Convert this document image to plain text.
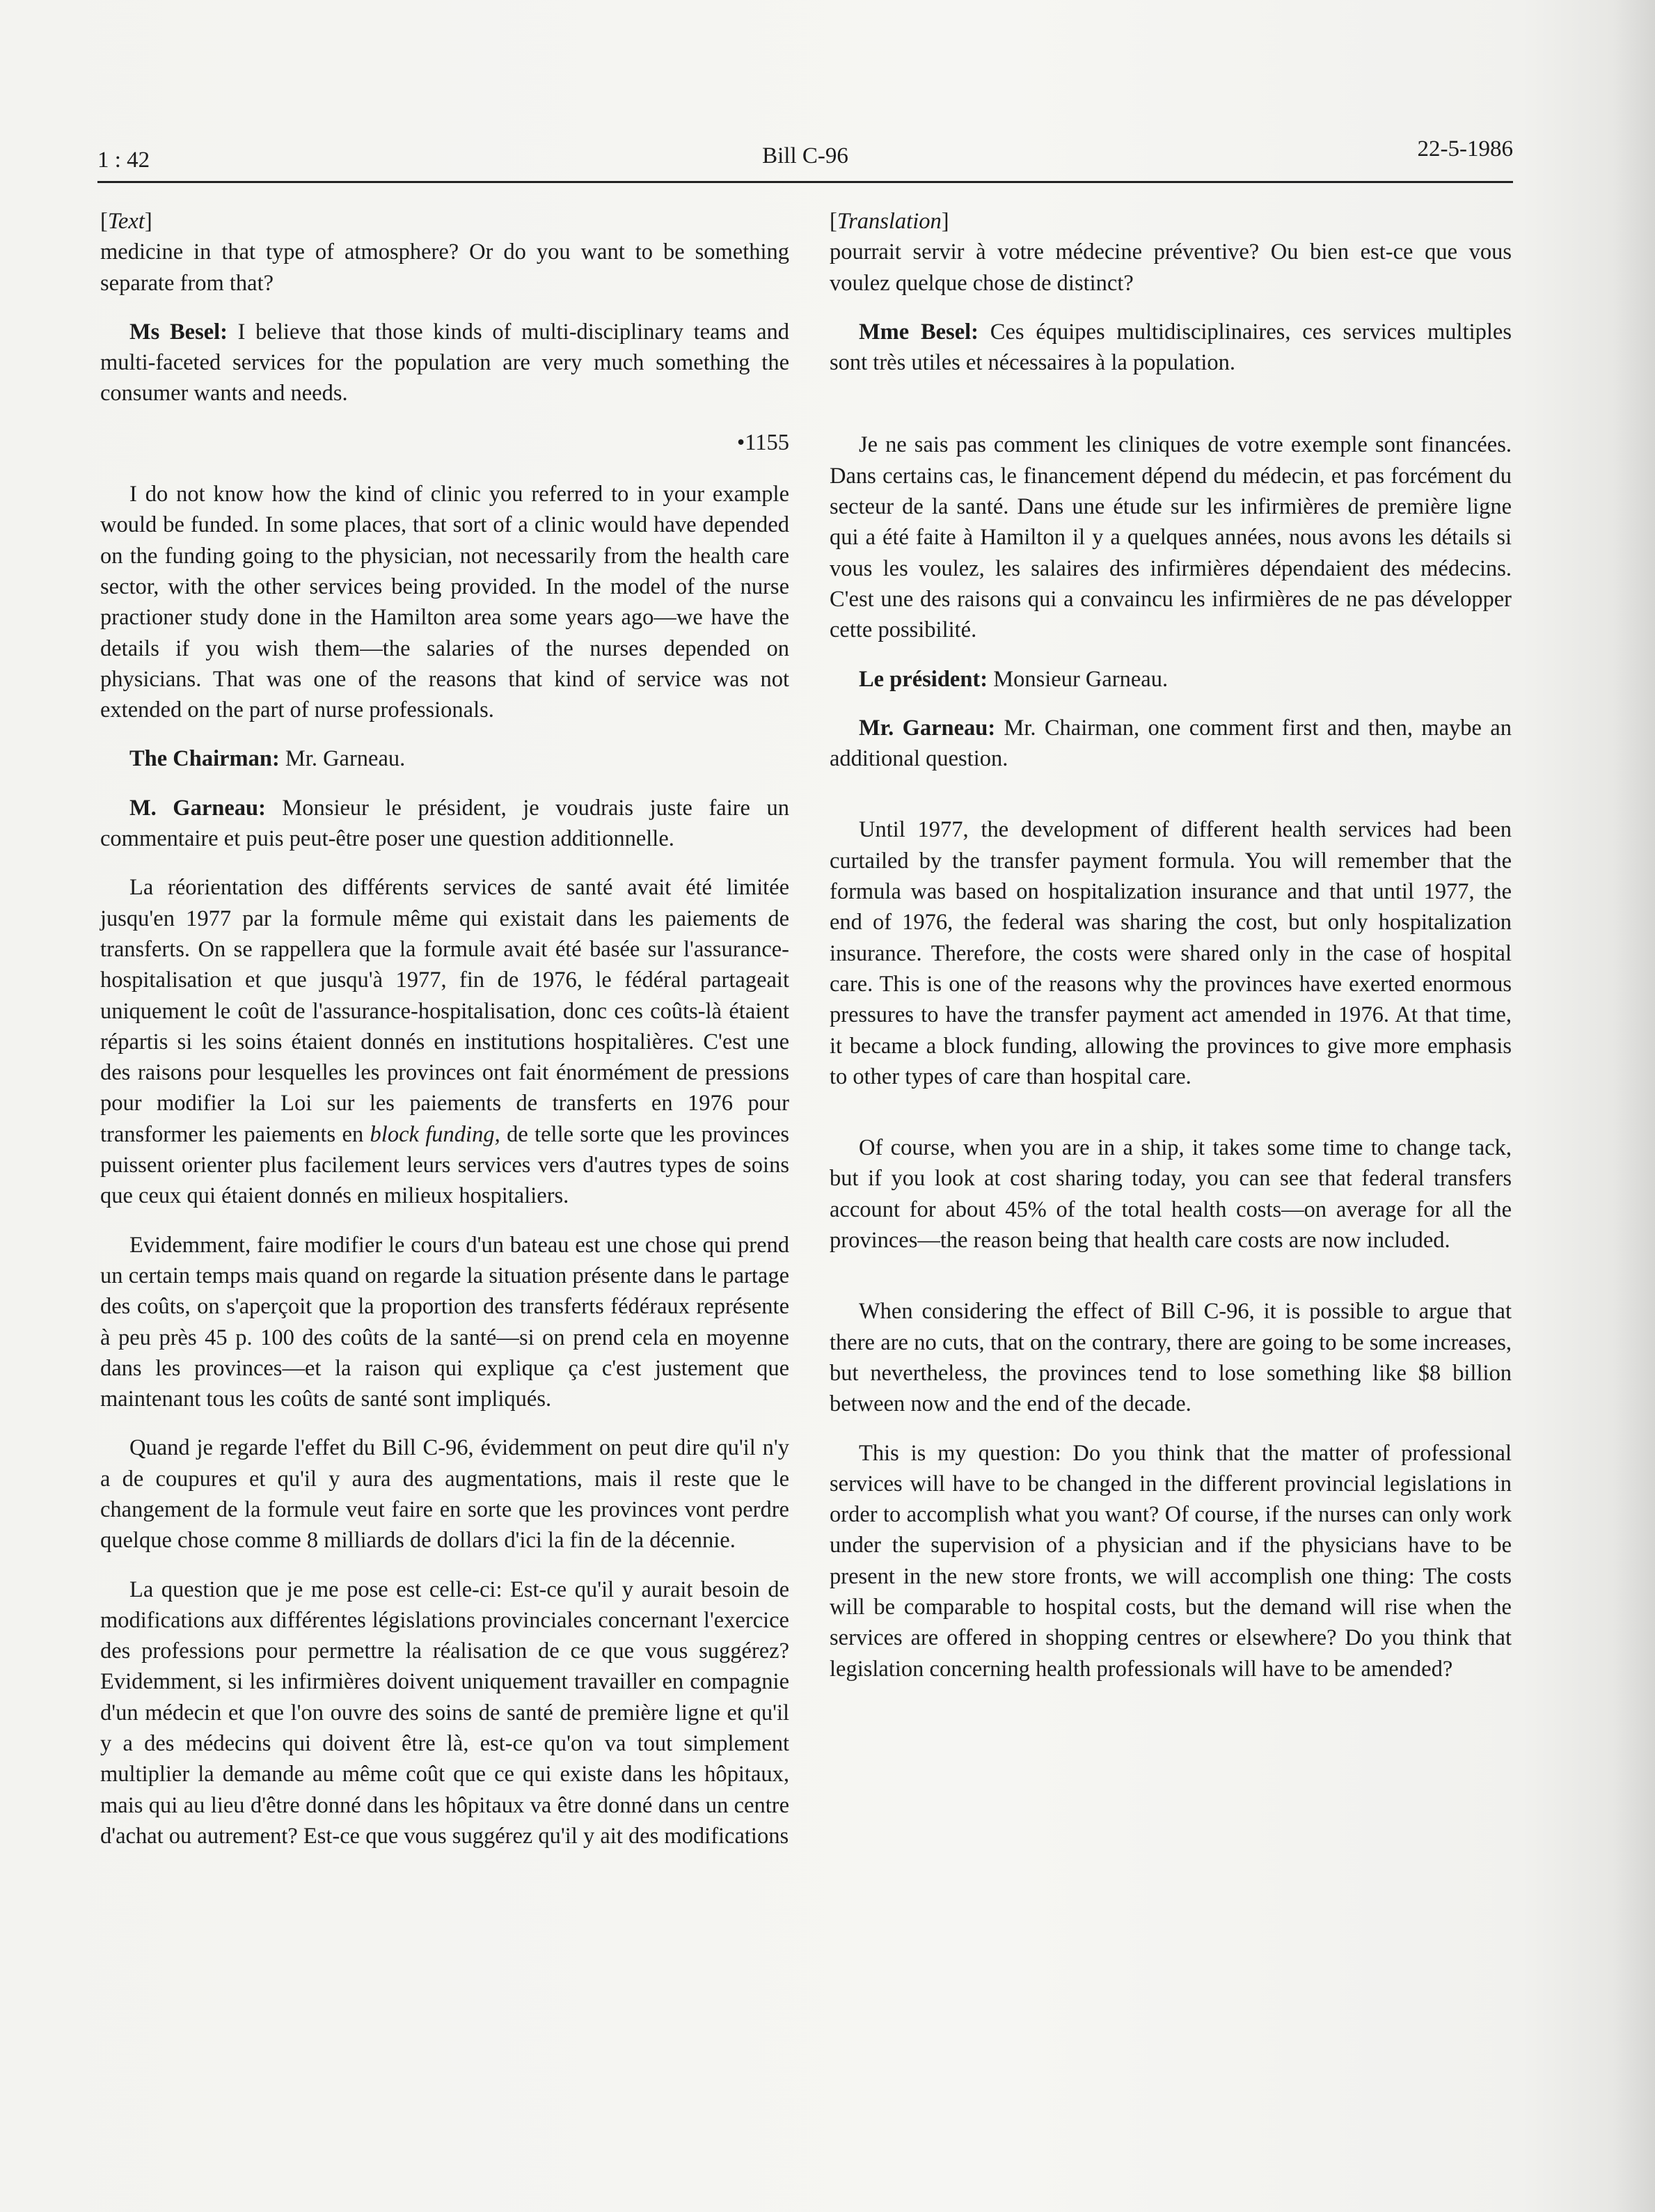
1 : 42	Bill C-96	22-5-1986
[Text]

medicine in that type of atmosphere? Or do you want to be something separate from that?

Ms Besel: I believe that those kinds of multi-disciplinary teams and multi-faceted services for the population are very much something the consumer wants and needs.

•1155

I do not know how the kind of clinic you referred to in your example would be funded. In some places, that sort of a clinic would have depended on the funding going to the physician, not necessarily from the health care sector, with the other services being provided. In the model of the nurse practioner study done in the Hamilton area some years ago—we have the details if you wish them—the salaries of the nurses depended on physicians. That was one of the reasons that kind of service was not extended on the part of nurse professionals.

The Chairman: Mr. Garneau.

M. Garneau: Monsieur le président, je voudrais juste faire un commentaire et puis peut-être poser une question additionnelle.

La réorientation des différents services de santé avait été limitée jusqu'en 1977 par la formule même qui existait dans les paiements de transferts. On se rappellera que la formule avait été basée sur l'assurance-hospitalisation et que jusqu'à 1977, fin de 1976, le fédéral partageait uniquement le coût de l'assurance-hospitalisation, donc ces coûts-là étaient répartis si les soins étaient donnés en institutions hospitalières. C'est une des raisons pour lesquelles les provinces ont fait énormément de pressions pour modifier la Loi sur les paiements de transferts en 1976 pour transformer les paiements en block funding, de telle sorte que les provinces puissent orienter plus facilement leurs services vers d'autres types de soins que ceux qui étaient donnés en milieux hospitaliers.

Evidemment, faire modifier le cours d'un bateau est une chose qui prend un certain temps mais quand on regarde la situation présente dans le partage des coûts, on s'aperçoit que la proportion des transferts fédéraux représente à peu près 45 p. 100 des coûts de la santé—si on prend cela en moyenne dans les provinces—et la raison qui explique ça c'est justement que maintenant tous les coûts de santé sont impliqués.

Quand je regarde l'effet du Bill C-96, évidemment on peut dire qu'il n'y a de coupures et qu'il y aura des augmentations, mais il reste que le changement de la formule veut faire en sorte que les provinces vont perdre quelque chose comme 8 milliards de dollars d'ici la fin de la décennie.

La question que je me pose est celle-ci: Est-ce qu'il y aurait besoin de modifications aux différentes législations provinciales concernant l'exercice des professions pour permettre la réalisation de ce que vous suggérez? Evidemment, si les infirmières doivent uniquement travailler en compagnie d'un médecin et que l'on ouvre des soins de santé de première ligne et qu'il y a des médecins qui doivent être là, est-ce qu'on va tout simplement multiplier la demande au même coût que ce qui existe dans les hôpitaux, mais qui au lieu d'être donné dans les hôpitaux va être donné dans un centre d'achat ou autrement? Est-ce que vous suggérez qu'il y ait des modifications

[Translation]

pourrait servir à votre médecine préventive? Ou bien est-ce que vous voulez quelque chose de distinct?

Mme Besel: Ces équipes multidisciplinaires, ces services multiples sont très utiles et nécessaires à la population.

Je ne sais pas comment les cliniques de votre exemple sont financées. Dans certains cas, le financement dépend du médecin, et pas forcément du secteur de la santé. Dans une étude sur les infirmières de première ligne qui a été faite à Hamilton il y a quelques années, nous avons les détails si vous les voulez, les salaires des infirmières dépendaient des médecins. C'est une des raisons qui a convaincu les infirmières de ne pas développer cette possibilité.

Le président: Monsieur Garneau.

Mr. Garneau: Mr. Chairman, one comment first and then, maybe an additional question.

Until 1977, the development of different health services had been curtailed by the transfer payment formula. You will remember that the formula was based on hospitalization insurance and that until 1977, the end of 1976, the federal was sharing the cost, but only hospitalization insurance. Therefore, the costs were shared only in the case of hospital care. This is one of the reasons why the provinces have exerted enormous pressures to have the transfer payment act amended in 1976. At that time, it became a block funding, allowing the provinces to give more emphasis to other types of care than hospital care.

Of course, when you are in a ship, it takes some time to change tack, but if you look at cost sharing today, you can see that federal transfers account for about 45% of the total health costs—on average for all the provinces—the reason being that health care costs are now included.

When considering the effect of Bill C-96, it is possible to argue that there are no cuts, that on the contrary, there are going to be some increases, but nevertheless, the provinces tend to lose something like $8 billion between now and the end of the decade.

This is my question: Do you think that the matter of professional services will have to be changed in the different provincial legislations in order to accomplish what you want? Of course, if the nurses can only work under the supervision of a physician and if the physicians have to be present in the new store fronts, we will accomplish one thing: The costs will be comparable to hospital costs, but the demand will rise when the services are offered in shopping centres or elsewhere? Do you think that legislation concerning health professionals will have to be amended?
